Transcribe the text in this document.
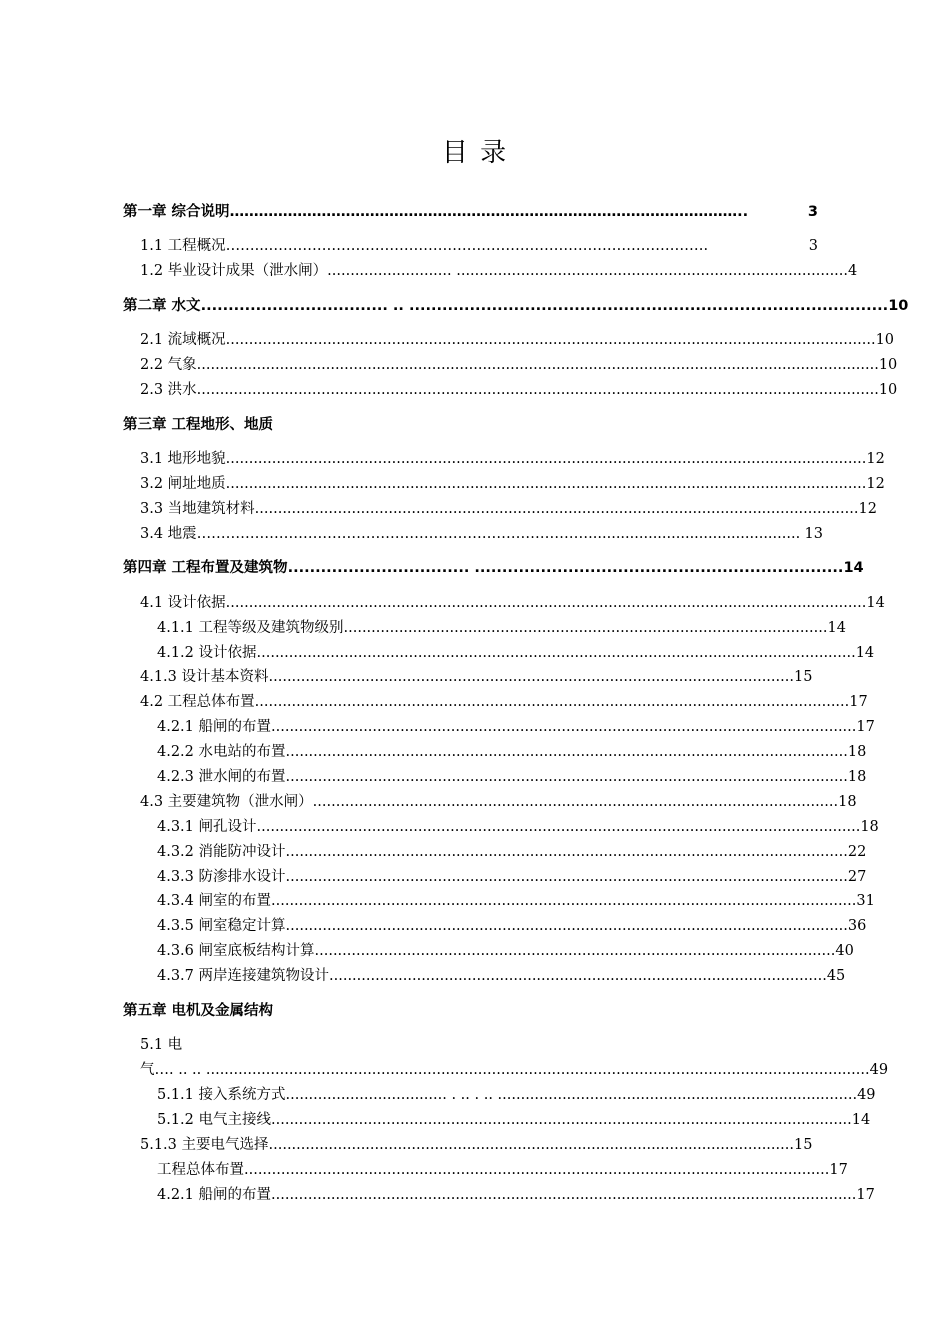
目 录
第一章 综合说明 ……………………………………………………………………………………………..	3
1.1 工程概况…… ...……………………………………………………………………………….	3
1.2 毕业设计成果（泄水闸） ........................... ..................................................................................... 4
第二章 水文 .................................. .. ....................................................................................... 10
2.1 流域概况 ............................................................................................................................................. 10
2.2 气象 .................................................................................................................................................... 10
2.3 洪水 .................................................................................................................................................... 10
第三章 工程地形、地质
3.1 地形地貌 ........................................................................................................................................... 12
3.2 闸址地质 ........................................................................................................................................... 12
3.3 当地建筑材料 ................................................................................................................................... 12
3.4 地震 ……………………………………………………………………….............................................. 13
第四章 工程布置及建筑物 ................................. ................................................................... 14
4.1 设计依据 ........................................................................................................................................... 14
4.1.1 工程等级及建筑物级别 ......................................................................................................... 14
4.1.2 设计依据 .................................................................................................................................. 14
4.1.3 设计基本资料 .................................................................................................................. 15
4.2 工程总体布置 ................................................................................................................................. 17
4.2.1 船闸的布置 ............................................................................................................................... 17
4.2.2 水电站的布置 .......................................................................................................................... 18
4.2.3 泄水闸的布置 .......................................................................................................................... 18
4.3 主要建筑物（泄水闸） .................................................................................................................. 18
4.3.1 闸孔设计 ................................................................................................................................... 18
4.3.2 消能防冲设计 .......................................................................................................................... 22
4.3.3 防渗排水设计 .......................................................................................................................... 27
4.3.4 闸室的布置 ............................................................................................................................... 31
4.3.5 闸室稳定计算 .......................................................................................................................... 36
4.3.6 闸室底板结构计算 ................................................................................................................. 40
4.3.7 两岸连接建筑物设计 ............................................................................................................ 45
第五章 电机及金属结构
5.1 电
气 …. .. .. ................................................................................................................................................ 49
5.1.1 接入系统方式 ................................... . .. . .. .............................................................................. 49
5.1.2 电气主接线 .............................................................................................................................. 14
5.1.3 主要电气选择 .................................................................................................................. 15
工程总体布置 ............................................................................................................................... 17
4.2.1 船闸的布置 ............................................................................................................................... 17
